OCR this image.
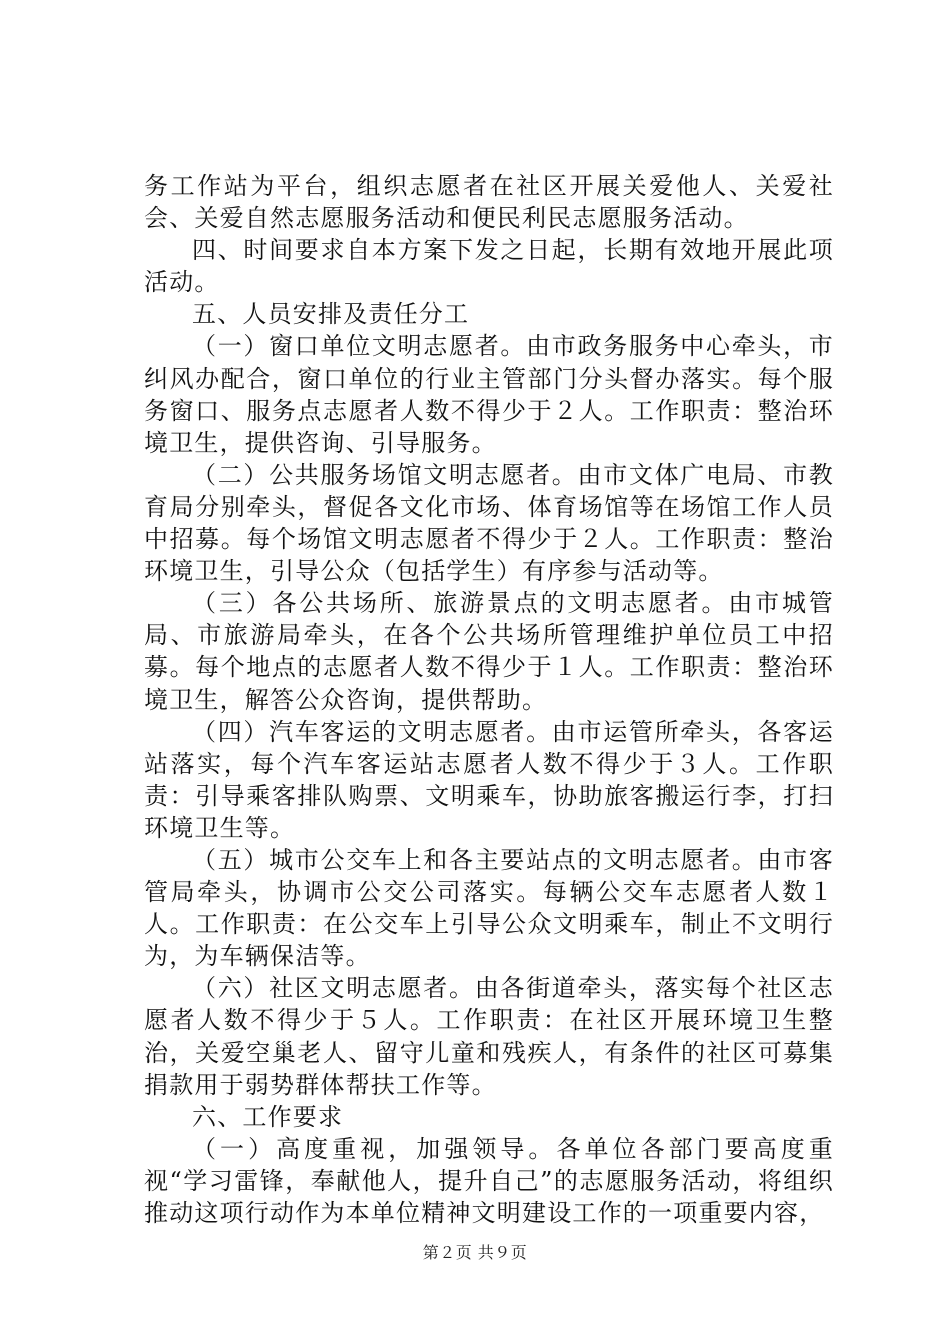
务工作站为平台，组织志愿者在社区开展关爱他人、关爱社会、关爱自然志愿服务活动和便民利民志愿服务活动。

四、时间要求自本方案下发之日起，长期有效地开展此项活动。

五、人员安排及责任分工

（一）窗口单位文明志愿者。由市政务服务中心牵头，市纠风办配合，窗口单位的行业主管部门分头督办落实。每个服务窗口、服务点志愿者人数不得少于２人。工作职责：整治环境卫生，提供咨询、引导服务。

（二）公共服务场馆文明志愿者。由市文体广电局、市教育局分别牵头，督促各文化市场、体育场馆等在场馆工作人员中招募。每个场馆文明志愿者不得少于２人。工作职责：整治环境卫生，引导公众（包括学生）有序参与活动等。

（三）各公共场所、旅游景点的文明志愿者。由市城管局、市旅游局牵头，在各个公共场所管理维护单位员工中招募。每个地点的志愿者人数不得少于１人。工作职责：整治环境卫生，解答公众咨询，提供帮助。

（四）汽车客运的文明志愿者。由市运管所牵头，各客运站落实，每个汽车客运站志愿者人数不得少于３人。工作职责：引导乘客排队购票、文明乘车，协助旅客搬运行李，打扫环境卫生等。

（五）城市公交车上和各主要站点的文明志愿者。由市客管局牵头，协调市公交公司落实。每辆公交车志愿者人数１人。工作职责：在公交车上引导公众文明乘车，制止不文明行为，为车辆保洁等。

（六）社区文明志愿者。由各街道牵头，落实每个社区志愿者人数不得少于５人。工作职责：在社区开展环境卫生整治，关爱空巢老人、留守儿童和残疾人，有条件的社区可募集捐款用于弱势群体帮扶工作等。

六、工作要求

（一）高度重视，加强领导。各单位各部门要高度重视“学习雷锋，奉献他人，提升自己”的志愿服务活动，将组织推动这项行动作为本单位精神文明建设工作的一项重要内容，

第２页 共９页
